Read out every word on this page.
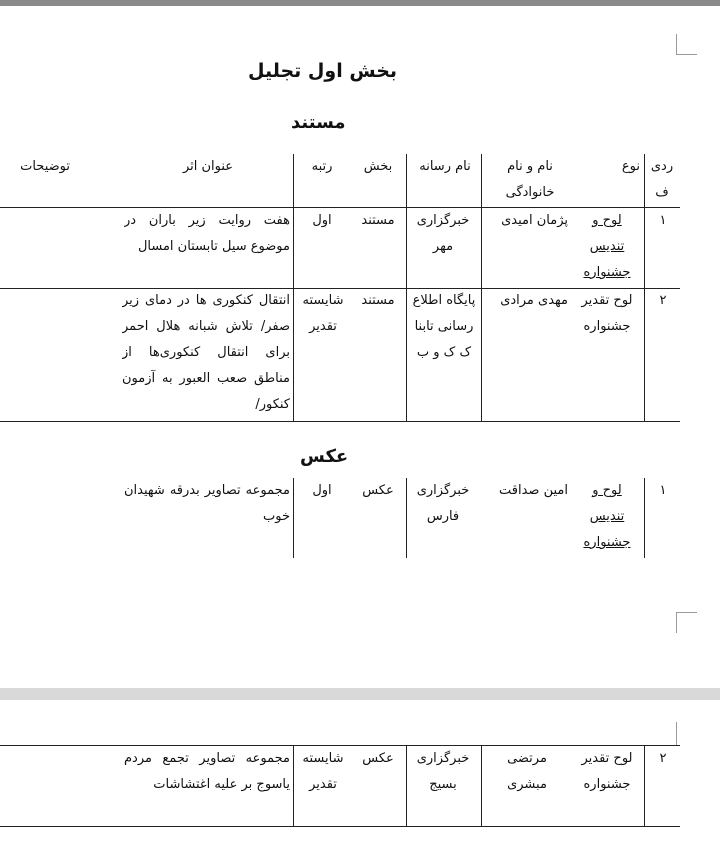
بخش اول تجلیل
مستند
عکس
ردی ف
نوع
نام و نام خانوادگی
نام رسانه
بخش
رتبه
عنوان اثر
توضیحات
۱
لوح و تندیس جشنواره
پژمان امیدی
خبرگزاری مهر
مستند
اول
هفت روایت زیر باران در موضوع سیل تابستان امسال
۲
لوح تقدیر جشنواره
مهدی مرادی
پایگاه اطلاع رسانی تابناک ک و ب
مستند
شایسته تقدیر
انتقال کنکوری ها در دمای زیر صفر/ تلاش شبانه هلال احمر برای انتقال کنکوری‌ها از مناطق صعب العبور به آزمون کنکور/
۱
لوح و تندیس جشنواره
امین صداقت
خبرگزاری فارس
عکس
اول
مجموعه تصاویر بدرقه شهیدان خوب
۲
لوح تقدیر جشنواره
مرتضی مبشری
خبرگزاری بسیج
عکس
شایسته تقدیر
مجموعه تصاویر تجمع مردم یاسوج بر علیه اغتشاشات
